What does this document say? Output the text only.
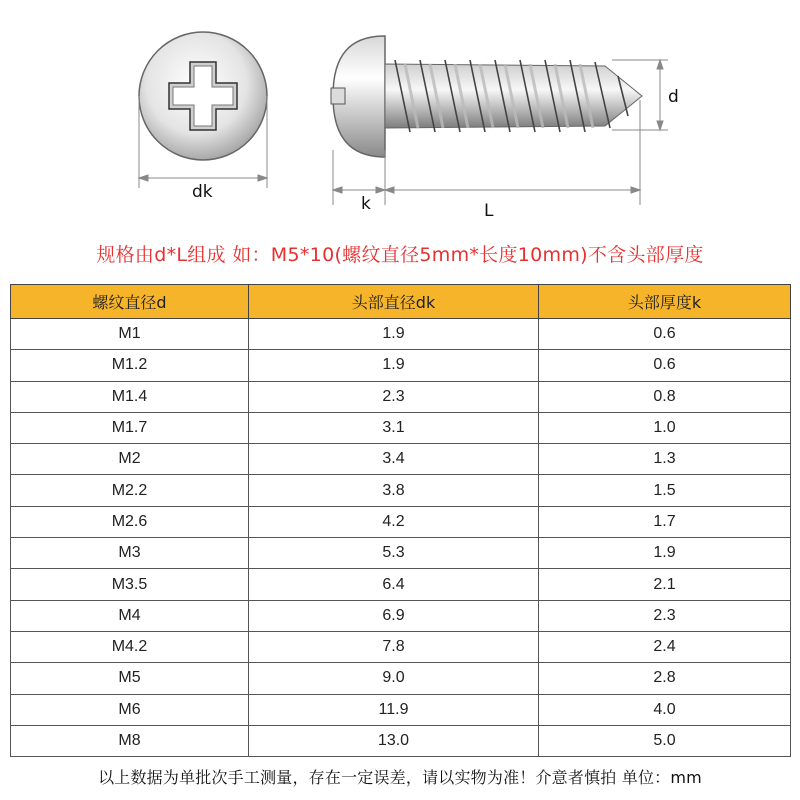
dk
k	L
d
规格由d*L组成 如：M5*10(螺纹直径5mm*长度10mm)不含头部厚度
螺纹直径d	头部直径dk	头部厚度k
M1	1.9	0.6
M1.2	1.9	0.6
M1.4	2.3	0.8
M1.7	3.1	1.0
M2	3.4	1.3
M2.2	3.8	1.5
M2.6	4.2	1.7
M3	5.3	1.9
M3.5	6.4	2.1
M4	6.9	2.3
M4.2	7.8	2.4
M5	9.0	2.8
M6	11.9	4.0
M8	13.0	5.0
以上数据为单批次手工测量，存在一定误差，请以实物为准！介意者慎拍 单位：mm
